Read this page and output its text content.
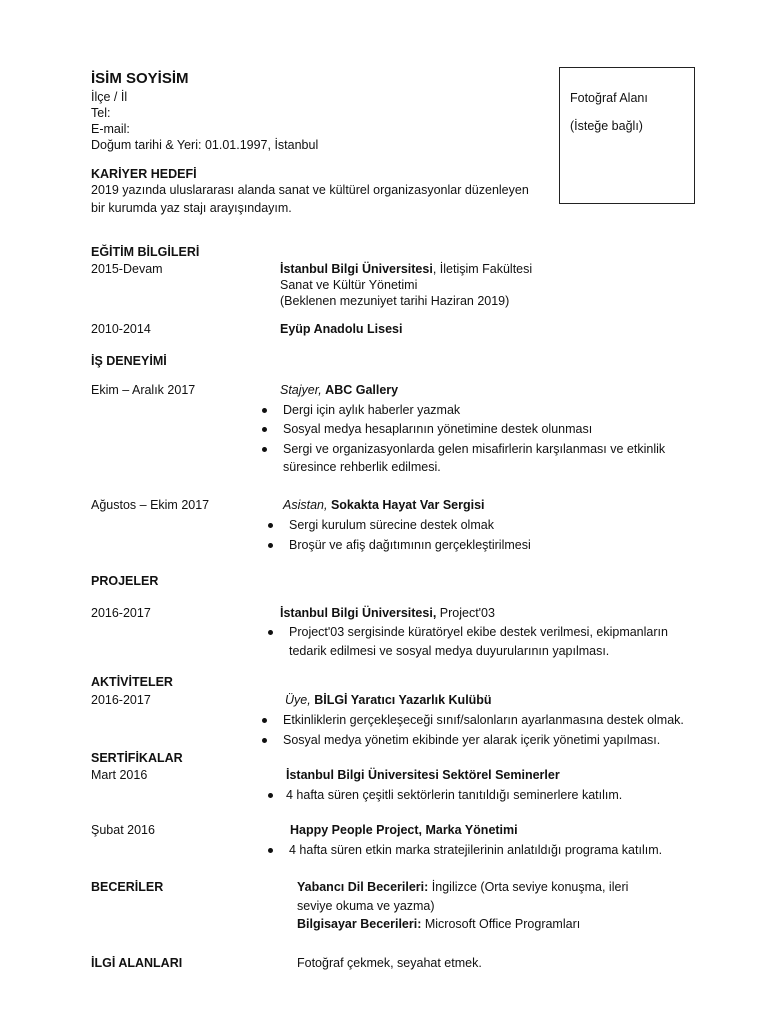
İSİM SOYİSİM
İlçe / İl
Tel:
E-mail:
Doğum tarihi & Yeri: 01.01.1997, İstanbul
Fotoğraf Alanı
(İsteğe bağlı)
KARİYER HEDEFİ
2019 yazında uluslararası alanda sanat ve kültürel organizasyonlar düzenleyen
bir kurumda yaz stajı arayışındayım.
EĞİTİM BİLGİLERİ
2015-Devam	İstanbul Bilgi Üniversitesi, İletişim Fakültesi
Sanat ve Kültür Yönetimi
(Beklenen mezuniyet tarihi Haziran 2019)
2010-2014	Eyüp Anadolu Lisesi
İŞ DENEYİMİ
Ekim – Aralık 2017	Stajyer, ABC Gallery
Dergi için aylık haberler yazmak
Sosyal medya hesaplarının yönetimine destek olunması
Sergi ve organizasyonlarda gelen misafirlerin karşılanması ve etkinlik
süresince rehberlik edilmesi.
Ağustos – Ekim 2017	Asistan, Sokakta Hayat Var Sergisi
Sergi kurulum sürecine destek olmak
Broşür ve afiş dağıtımının gerçekleştirilmesi
PROJELER
2016-2017	İstanbul Bilgi Üniversitesi, Project'03
Project'03 sergisinde küratöryel ekibe destek verilmesi, ekipmanların
tedarik edilmesi ve sosyal medya duyurularının yapılması.
AKTİVİTELER
2016-2017	Üye, BİLGİ Yaratıcı Yazarlık Kulübü
Etkinliklerin gerçekleşeceği sınıf/salonların ayarlanmasına destek olmak.
Sosyal medya yönetim ekibinde yer alarak içerik yönetimi yapılması.
SERTİFİKALAR
Mart 2016	İstanbul Bilgi Üniversitesi Sektörel Seminerler
4 hafta süren çeşitli sektörlerin tanıtıldığı seminerlere katılım.
Şubat 2016	Happy People Project, Marka Yönetimi
4 hafta süren etkin marka stratejilerinin anlatıldığı programa katılım.
BECERİLER	Yabancı Dil Becerileri: İngilizce (Orta seviye konuşma, ileri
seviye okuma ve yazma)
Bilgisayar Becerileri: Microsoft Office Programları
İLGİ ALANLARI	Fotoğraf çekmek, seyahat etmek.
